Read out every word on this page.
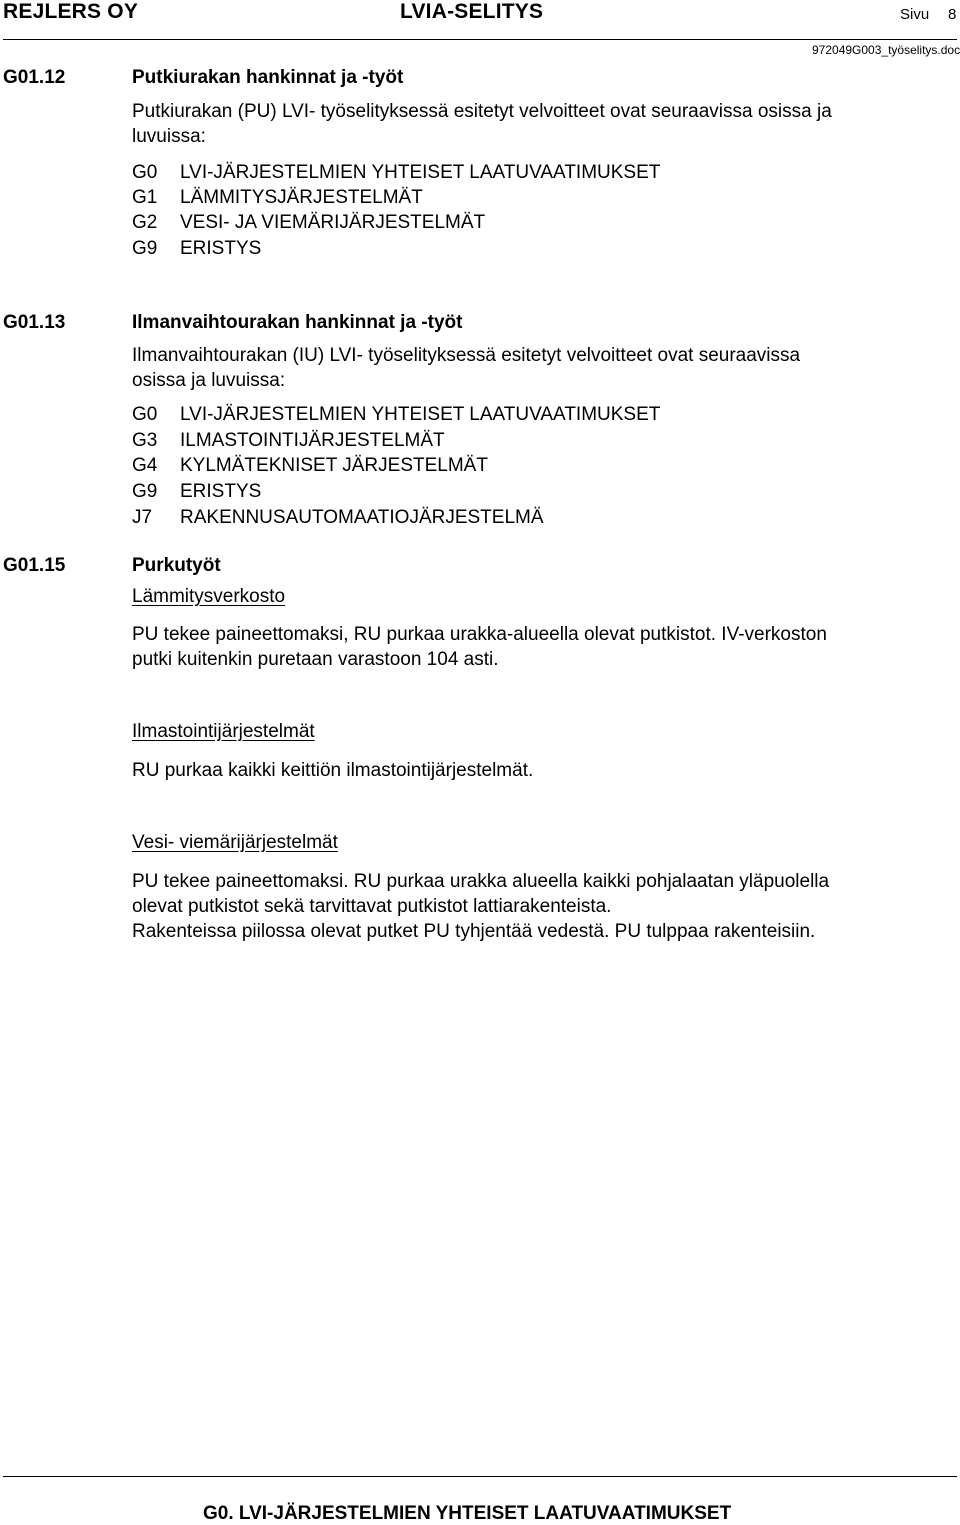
REJLERS OY	LVIA-SELITYS	Sivu 8
972049G003_työselitys.doc
G01.12	Putkiurakan hankinnat ja -työt
Putkiurakan (PU) LVI- työselityksessä esitetyt velvoitteet ovat seuraavissa osissa ja
luvuissa:
G0 LVI-JÄRJESTELMIEN YHTEISET LAATUVAATIMUKSET
G1 LÄMMITYSJÄRJESTELMÄT
G2 VESI- JA VIEMÄRIJÄRJESTELMÄT
G9 ERISTYS
G01.13	Ilmanvaihtourakan hankinnat ja -työt
Ilmanvaihtourakan (IU) LVI- työselityksessä esitetyt velvoitteet ovat seuraavissa
osissa ja luvuissa:
G0 LVI-JÄRJESTELMIEN YHTEISET LAATUVAATIMUKSET
G3 ILMASTOINTIJÄRJESTELMÄT
G4 KYLMÄTEKNISET JÄRJESTELMÄT
G9 ERISTYS
J7 RAKENNUSAUTOMAATIOJÄRJESTELMÄ
G01.15	Purkutyöt
Lämmitysverkosto
PU tekee paineettomaksi, RU purkaa urakka-alueella olevat putkistot. IV-verkoston
putki kuitenkin puretaan varastoon 104 asti.
Ilmastointijärjestelmät
RU purkaa kaikki keittiön ilmastointijärjestelmät.
Vesi- viemärijärjestelmät
PU tekee paineettomaksi. RU purkaa urakka alueella kaikki pohjalaatan yläpuolella
olevat putkistot sekä tarvittavat putkistot lattiarakenteista.
Rakenteissa piilossa olevat putket PU tyhjentää vedestä. PU tulppaa rakenteisiin.
G0. LVI-JÄRJESTELMIEN YHTEISET LAATUVAATIMUKSET
